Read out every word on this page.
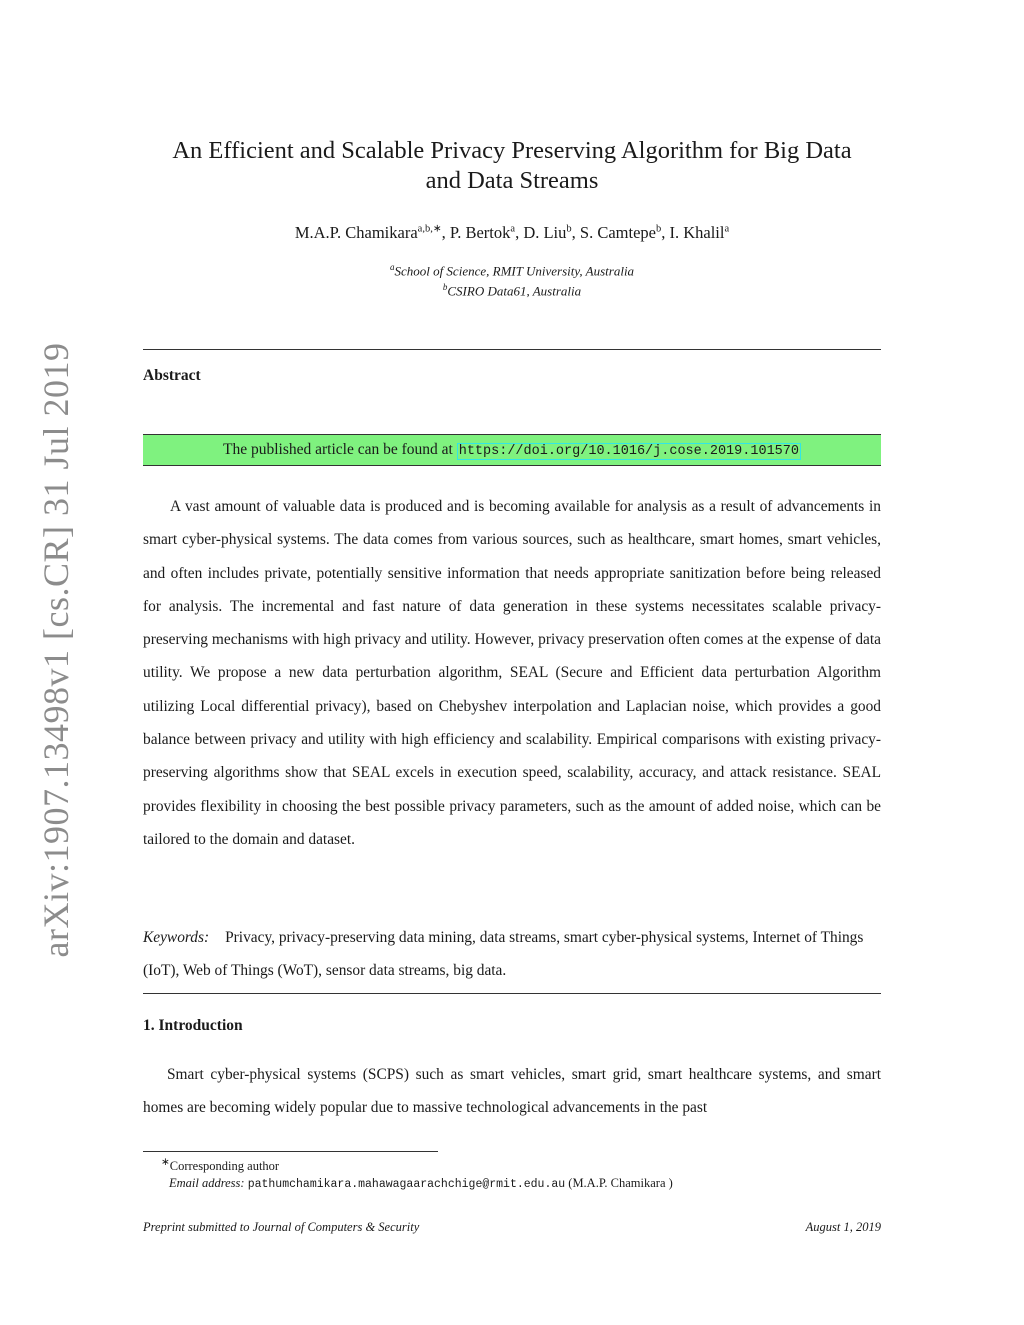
arXiv:1907.13498v1 [cs.CR] 31 Jul 2019
An Efficient and Scalable Privacy Preserving Algorithm for Big Data
and Data Streams
M.A.P. Chamikara$^{a,b,∗}$, P. Bertok$^a$, D. Liu$^b$, S. Camtepe$^b$, I. Khalil$^a$
$^a$School of Science, RMIT University, Australia
$^b$CSIRO Data61, Australia
Abstract
The published article can be found at https://doi.org/10.1016/j.cose.2019.101570

A vast amount of valuable data is produced and is becoming available for analysis as a result of advancements in smart cyber-physical systems. The data comes from various sources, such as healthcare, smart homes, smart vehicles, and often includes private, potentially sensitive information that needs appropriate sanitization before being released for analysis. The incremental and fast nature of data generation in these systems necessitates scalable privacy-preserving mechanisms with high privacy and utility. However, privacy preservation often comes at the expense of data utility. We propose a new data perturbation algorithm, SEAL (Secure and Efficient data perturbation Algorithm utilizing Local differential privacy), based on Chebyshev interpolation and Laplacian noise, which provides a good balance between privacy and utility with high efficiency and scalability. Empirical comparisons with existing privacy-preserving algorithms show that SEAL excels in execution speed, scalability, accuracy, and attack resistance. SEAL provides flexibility in choosing the best possible privacy parameters, such as the amount of added noise, which can be tailored to the domain and dataset.

Keywords: Privacy, privacy-preserving data mining, data streams, smart cyber-physical systems, Internet of Things (IoT), Web of Things (WoT), sensor data streams, big data.
1. Introduction

Smart cyber-physical systems (SCPS) such as smart vehicles, smart grid, smart healthcare systems, and smart homes are becoming widely popular due to massive technological advancements in the past

∗Corresponding author
Email address: pathumchamikara.mahawagaarachchige@rmit.edu.au (M.A.P. Chamikara )
Preprint submitted to Journal of Computers & Security	August 1, 2019
